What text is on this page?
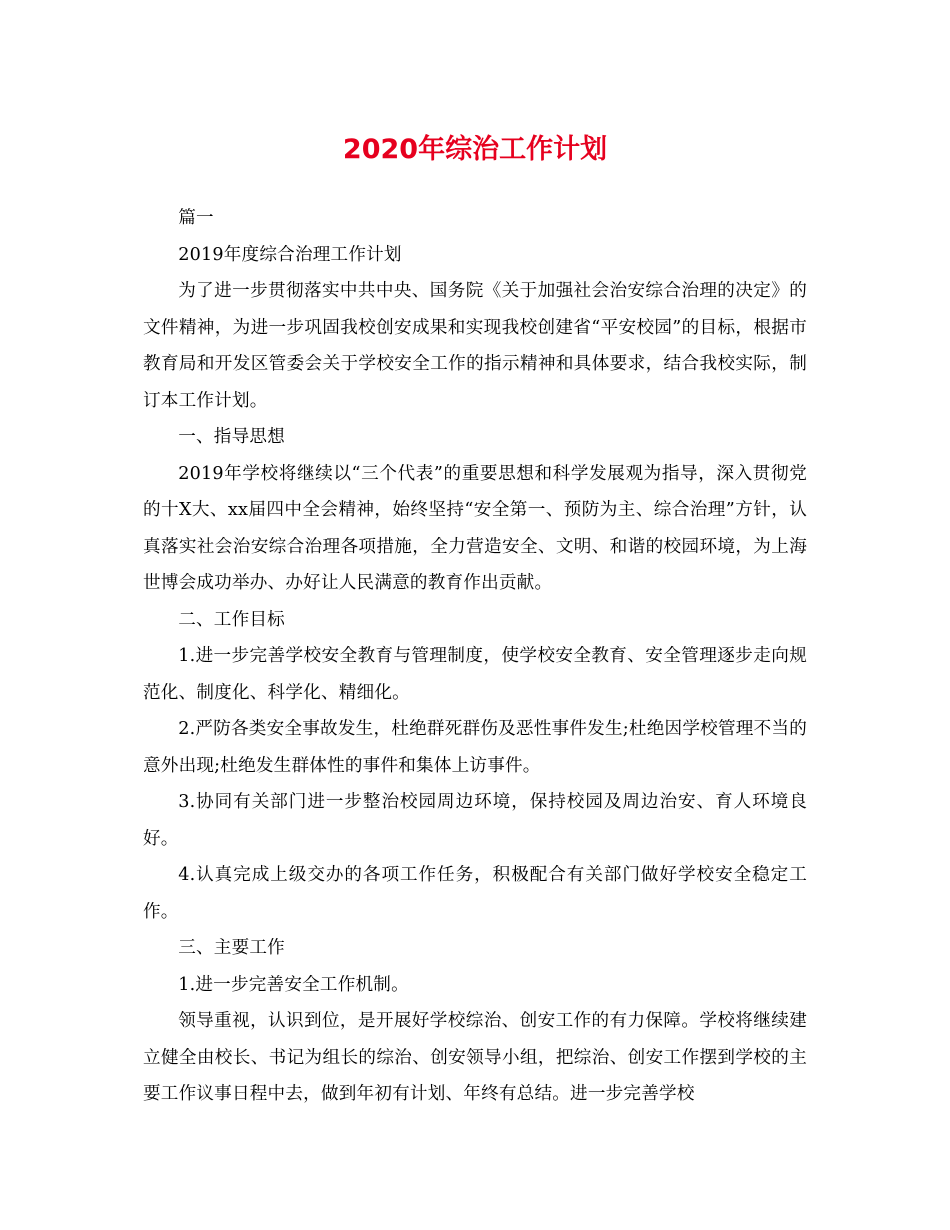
2020年综治工作计划

篇一

2019年度综合治理工作计划

为了进一步贯彻落实中共中央、国务院《关于加强社会治安综合治理的决定》的文件精神，为进一步巩固我校创安成果和实现我校创建省“平安校园”的目标，根据市教育局和开发区管委会关于学校安全工作的指示精神和具体要求，结合我校实际，制订本工作计划。

一、指导思想

2019年学校将继续以“三个代表”的重要思想和科学发展观为指导，深入贯彻党的十X大、xx届四中全会精神，始终坚持“安全第一、预防为主、综合治理”方针，认真落实社会治安综合治理各项措施，全力营造安全、文明、和谐的校园环境，为上海世博会成功举办、办好让人民满意的教育作出贡献。

二、工作目标

1.进一步完善学校安全教育与管理制度，使学校安全教育、安全管理逐步走向规范化、制度化、科学化、精细化。

2.严防各类安全事故发生，杜绝群死群伤及恶性事件发生;杜绝因学校管理不当的意外出现;杜绝发生群体性的事件和集体上访事件。

3.协同有关部门进一步整治校园周边环境，保持校园及周边治安、育人环境良好。

4.认真完成上级交办的各项工作任务，积极配合有关部门做好学校安全稳定工作。

三、主要工作

1.进一步完善安全工作机制。

领导重视，认识到位，是开展好学校综治、创安工作的有力保障。学校将继续建立健全由校长、书记为组长的综治、创安领导小组，把综治、创安工作摆到学校的主要工作议事日程中去，做到年初有计划、年终有总结。进一步完善学校
